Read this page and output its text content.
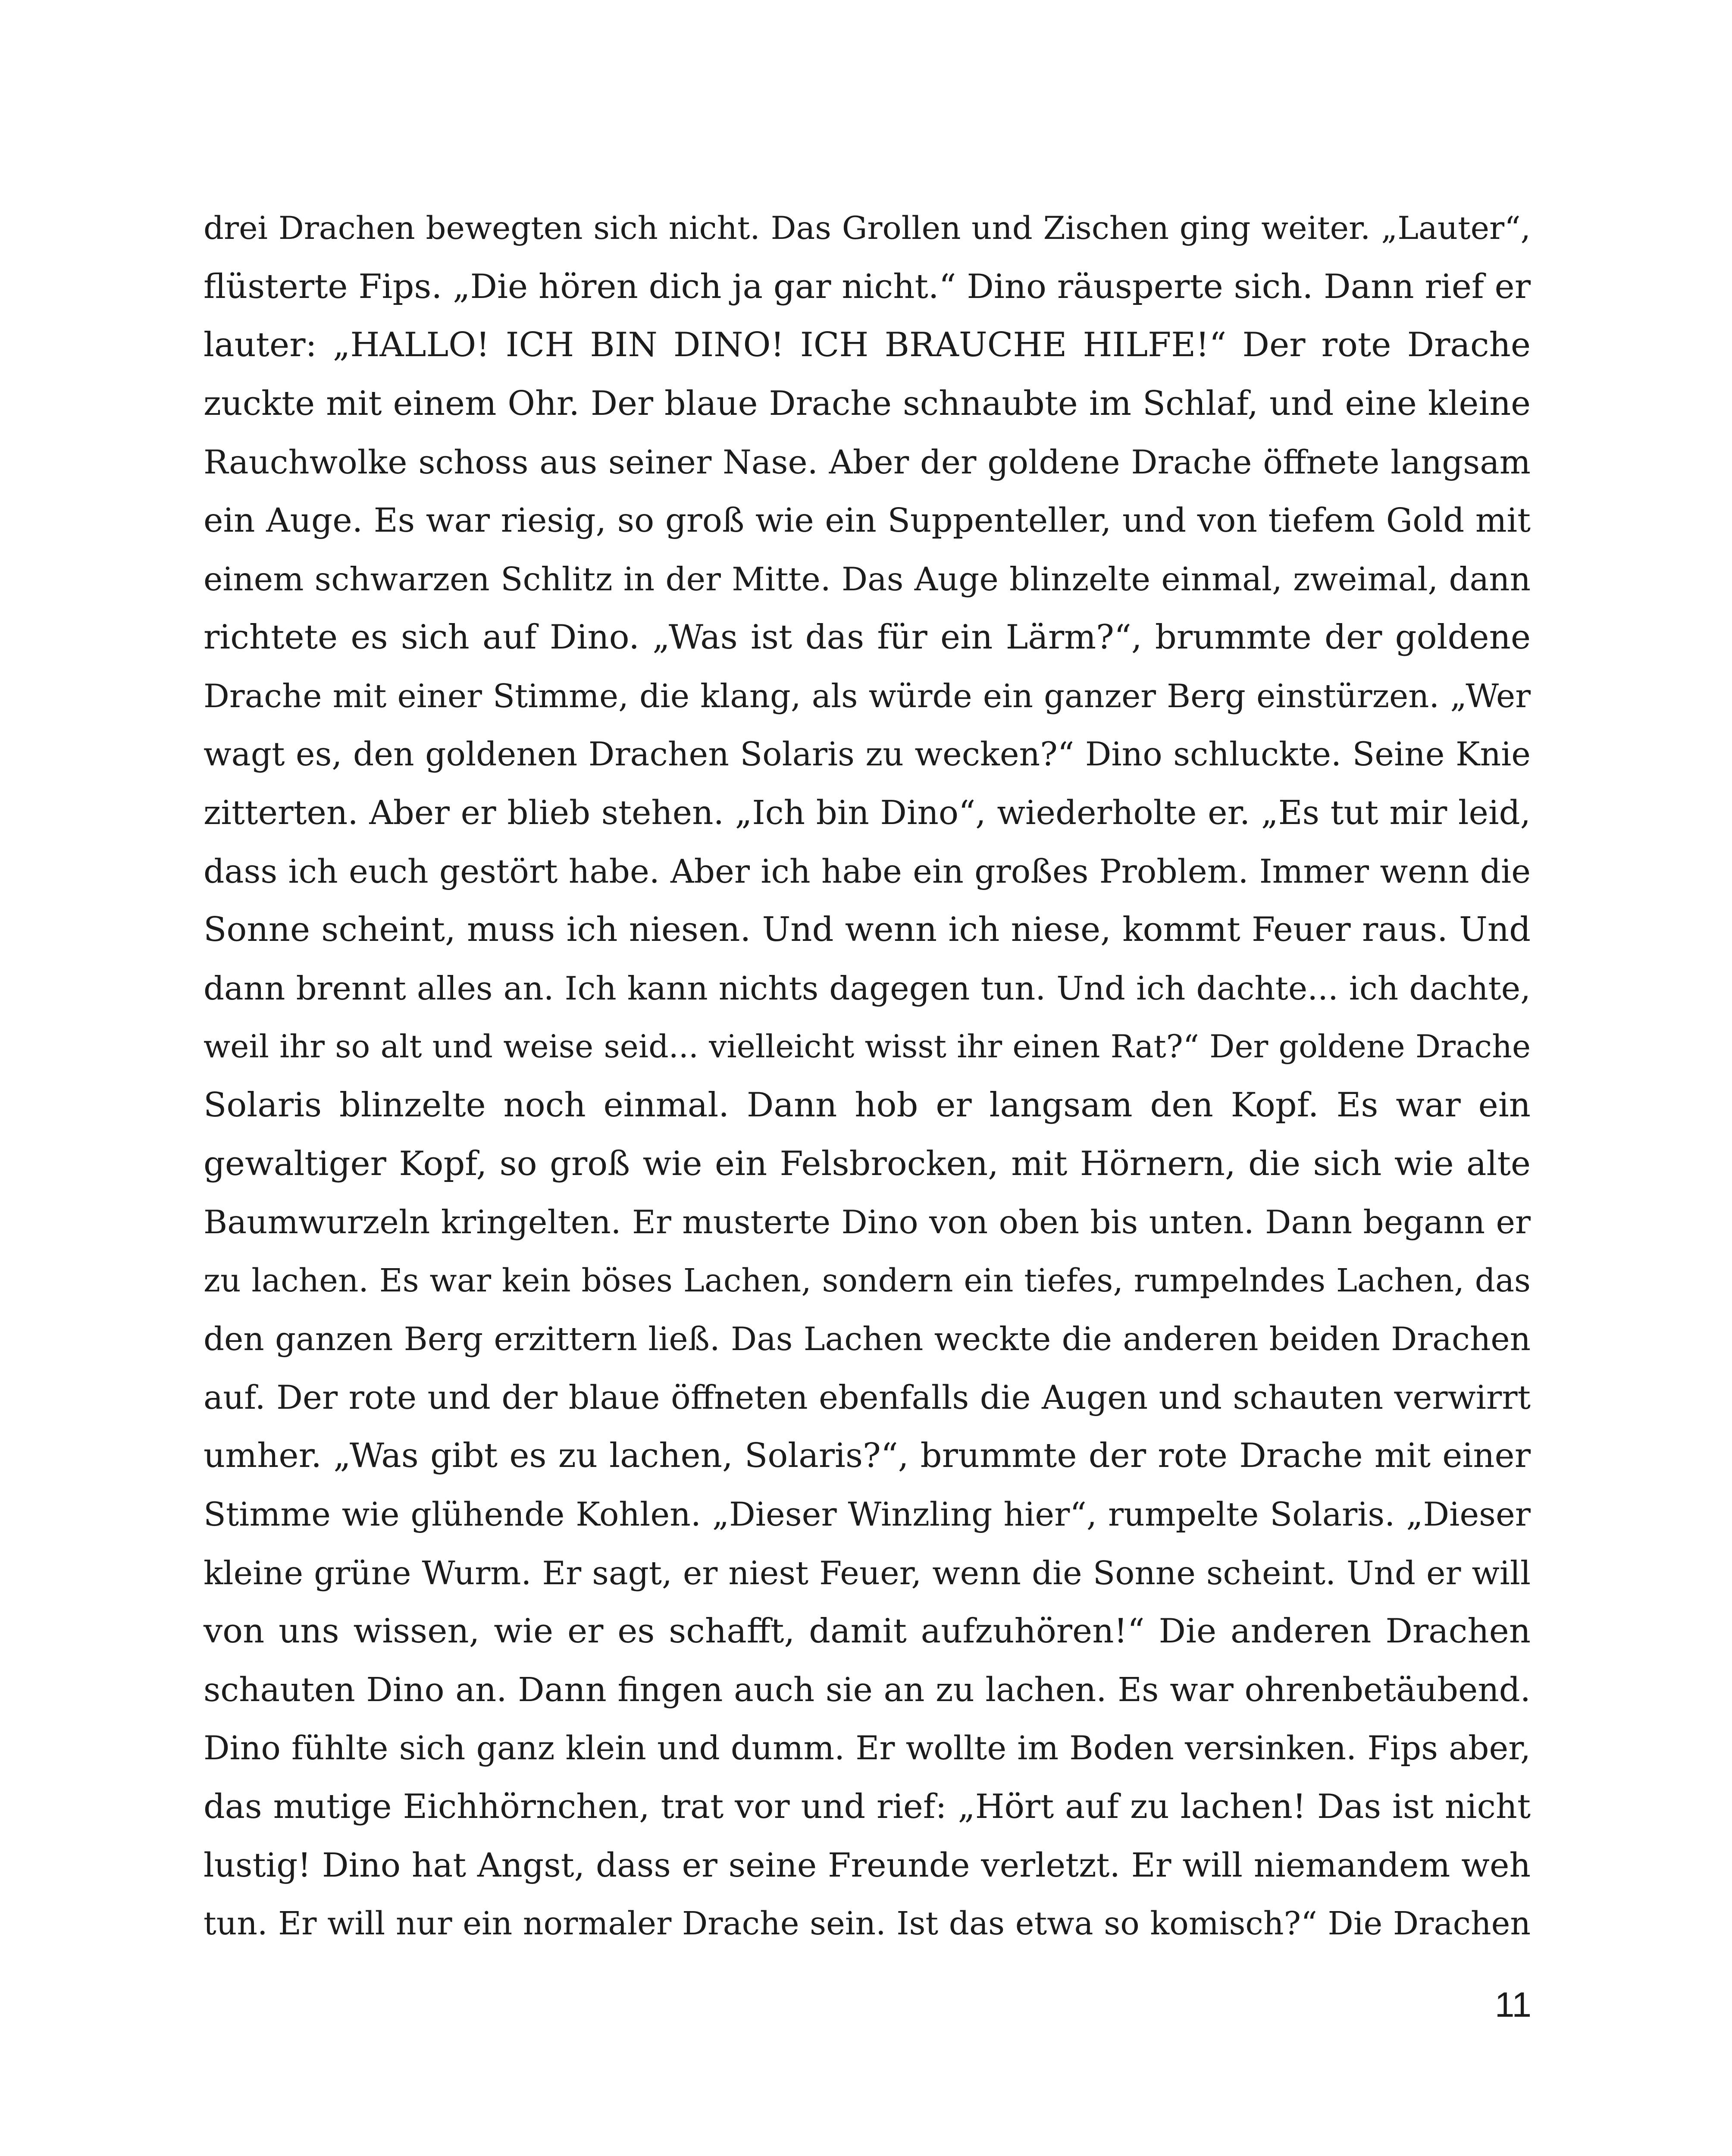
drei Drachen bewegten sich nicht. Das Grollen und Zischen ging weiter. „Lauter“,
flüsterte Fips. „Die hören dich ja gar nicht.“ Dino räusperte sich. Dann rief er
lauter: „HALLO! ICH BIN DINO! ICH BRAUCHE HILFE!“ Der rote Drache
zuckte mit einem Ohr. Der blaue Drache schnaubte im Schlaf, und eine kleine
Rauchwolke schoss aus seiner Nase. Aber der goldene Drache öffnete langsam
ein Auge. Es war riesig, so groß wie ein Suppenteller, und von tiefem Gold mit
einem schwarzen Schlitz in der Mitte. Das Auge blinzelte einmal, zweimal, dann
richtete es sich auf Dino. „Was ist das für ein Lärm?“, brummte der goldene
Drache mit einer Stimme, die klang, als würde ein ganzer Berg einstürzen. „Wer
wagt es, den goldenen Drachen Solaris zu wecken?“ Dino schluckte. Seine Knie
zitterten. Aber er blieb stehen. „Ich bin Dino“, wiederholte er. „Es tut mir leid,
dass ich euch gestört habe. Aber ich habe ein großes Problem. Immer wenn die
Sonne scheint, muss ich niesen. Und wenn ich niese, kommt Feuer raus. Und
dann brennt alles an. Ich kann nichts dagegen tun. Und ich dachte... ich dachte,
weil ihr so alt und weise seid... vielleicht wisst ihr einen Rat?“ Der goldene Drache
Solaris blinzelte noch einmal. Dann hob er langsam den Kopf. Es war ein
gewaltiger Kopf, so groß wie ein Felsbrocken, mit Hörnern, die sich wie alte
Baumwurzeln kringelten. Er musterte Dino von oben bis unten. Dann begann er
zu lachen. Es war kein böses Lachen, sondern ein tiefes, rumpelndes Lachen, das
den ganzen Berg erzittern ließ. Das Lachen weckte die anderen beiden Drachen
auf. Der rote und der blaue öffneten ebenfalls die Augen und schauten verwirrt
umher. „Was gibt es zu lachen, Solaris?“, brummte der rote Drache mit einer
Stimme wie glühende Kohlen. „Dieser Winzling hier“, rumpelte Solaris. „Dieser
kleine grüne Wurm. Er sagt, er niest Feuer, wenn die Sonne scheint. Und er will
von uns wissen, wie er es schafft, damit aufzuhören!“ Die anderen Drachen
schauten Dino an. Dann fingen auch sie an zu lachen. Es war ohrenbetäubend.
Dino fühlte sich ganz klein und dumm. Er wollte im Boden versinken. Fips aber,
das mutige Eichhörnchen, trat vor und rief: „Hört auf zu lachen! Das ist nicht
lustig! Dino hat Angst, dass er seine Freunde verletzt. Er will niemandem weh
tun. Er will nur ein normaler Drache sein. Ist das etwa so komisch?“ Die Drachen
11
